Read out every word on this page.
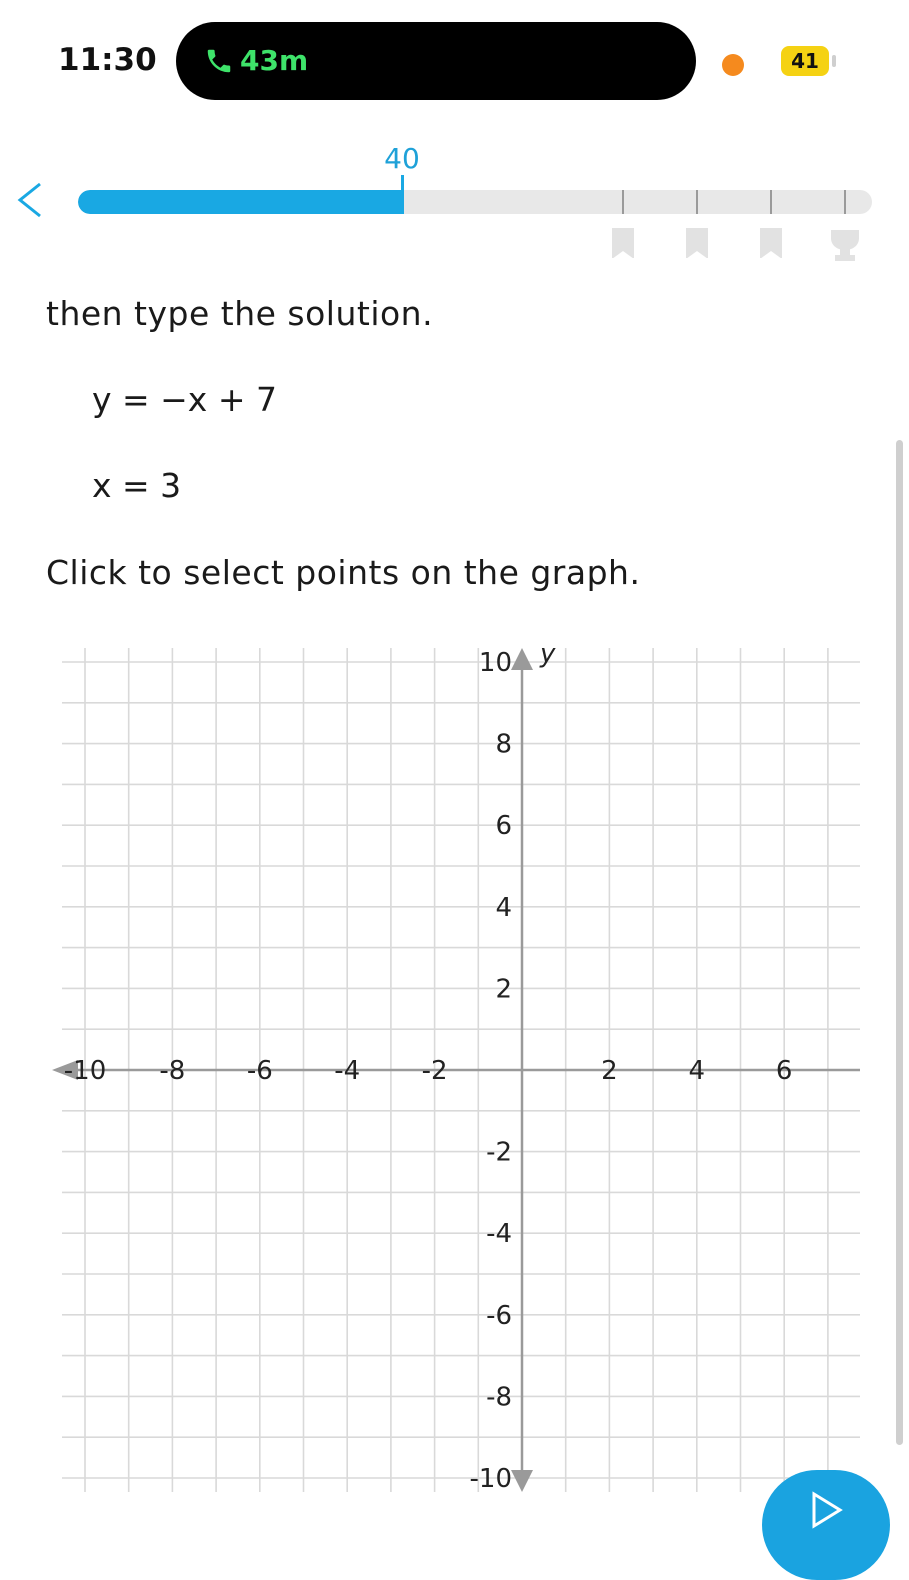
11:30	43m	41
40
then type the solution.
y = −x + 7
x = 3
Click to select points on the graph.
y
-10 -8 -6 -4 -2	2	4	6
10
8
6
4
2
-2
-4
-6
-8
-10
